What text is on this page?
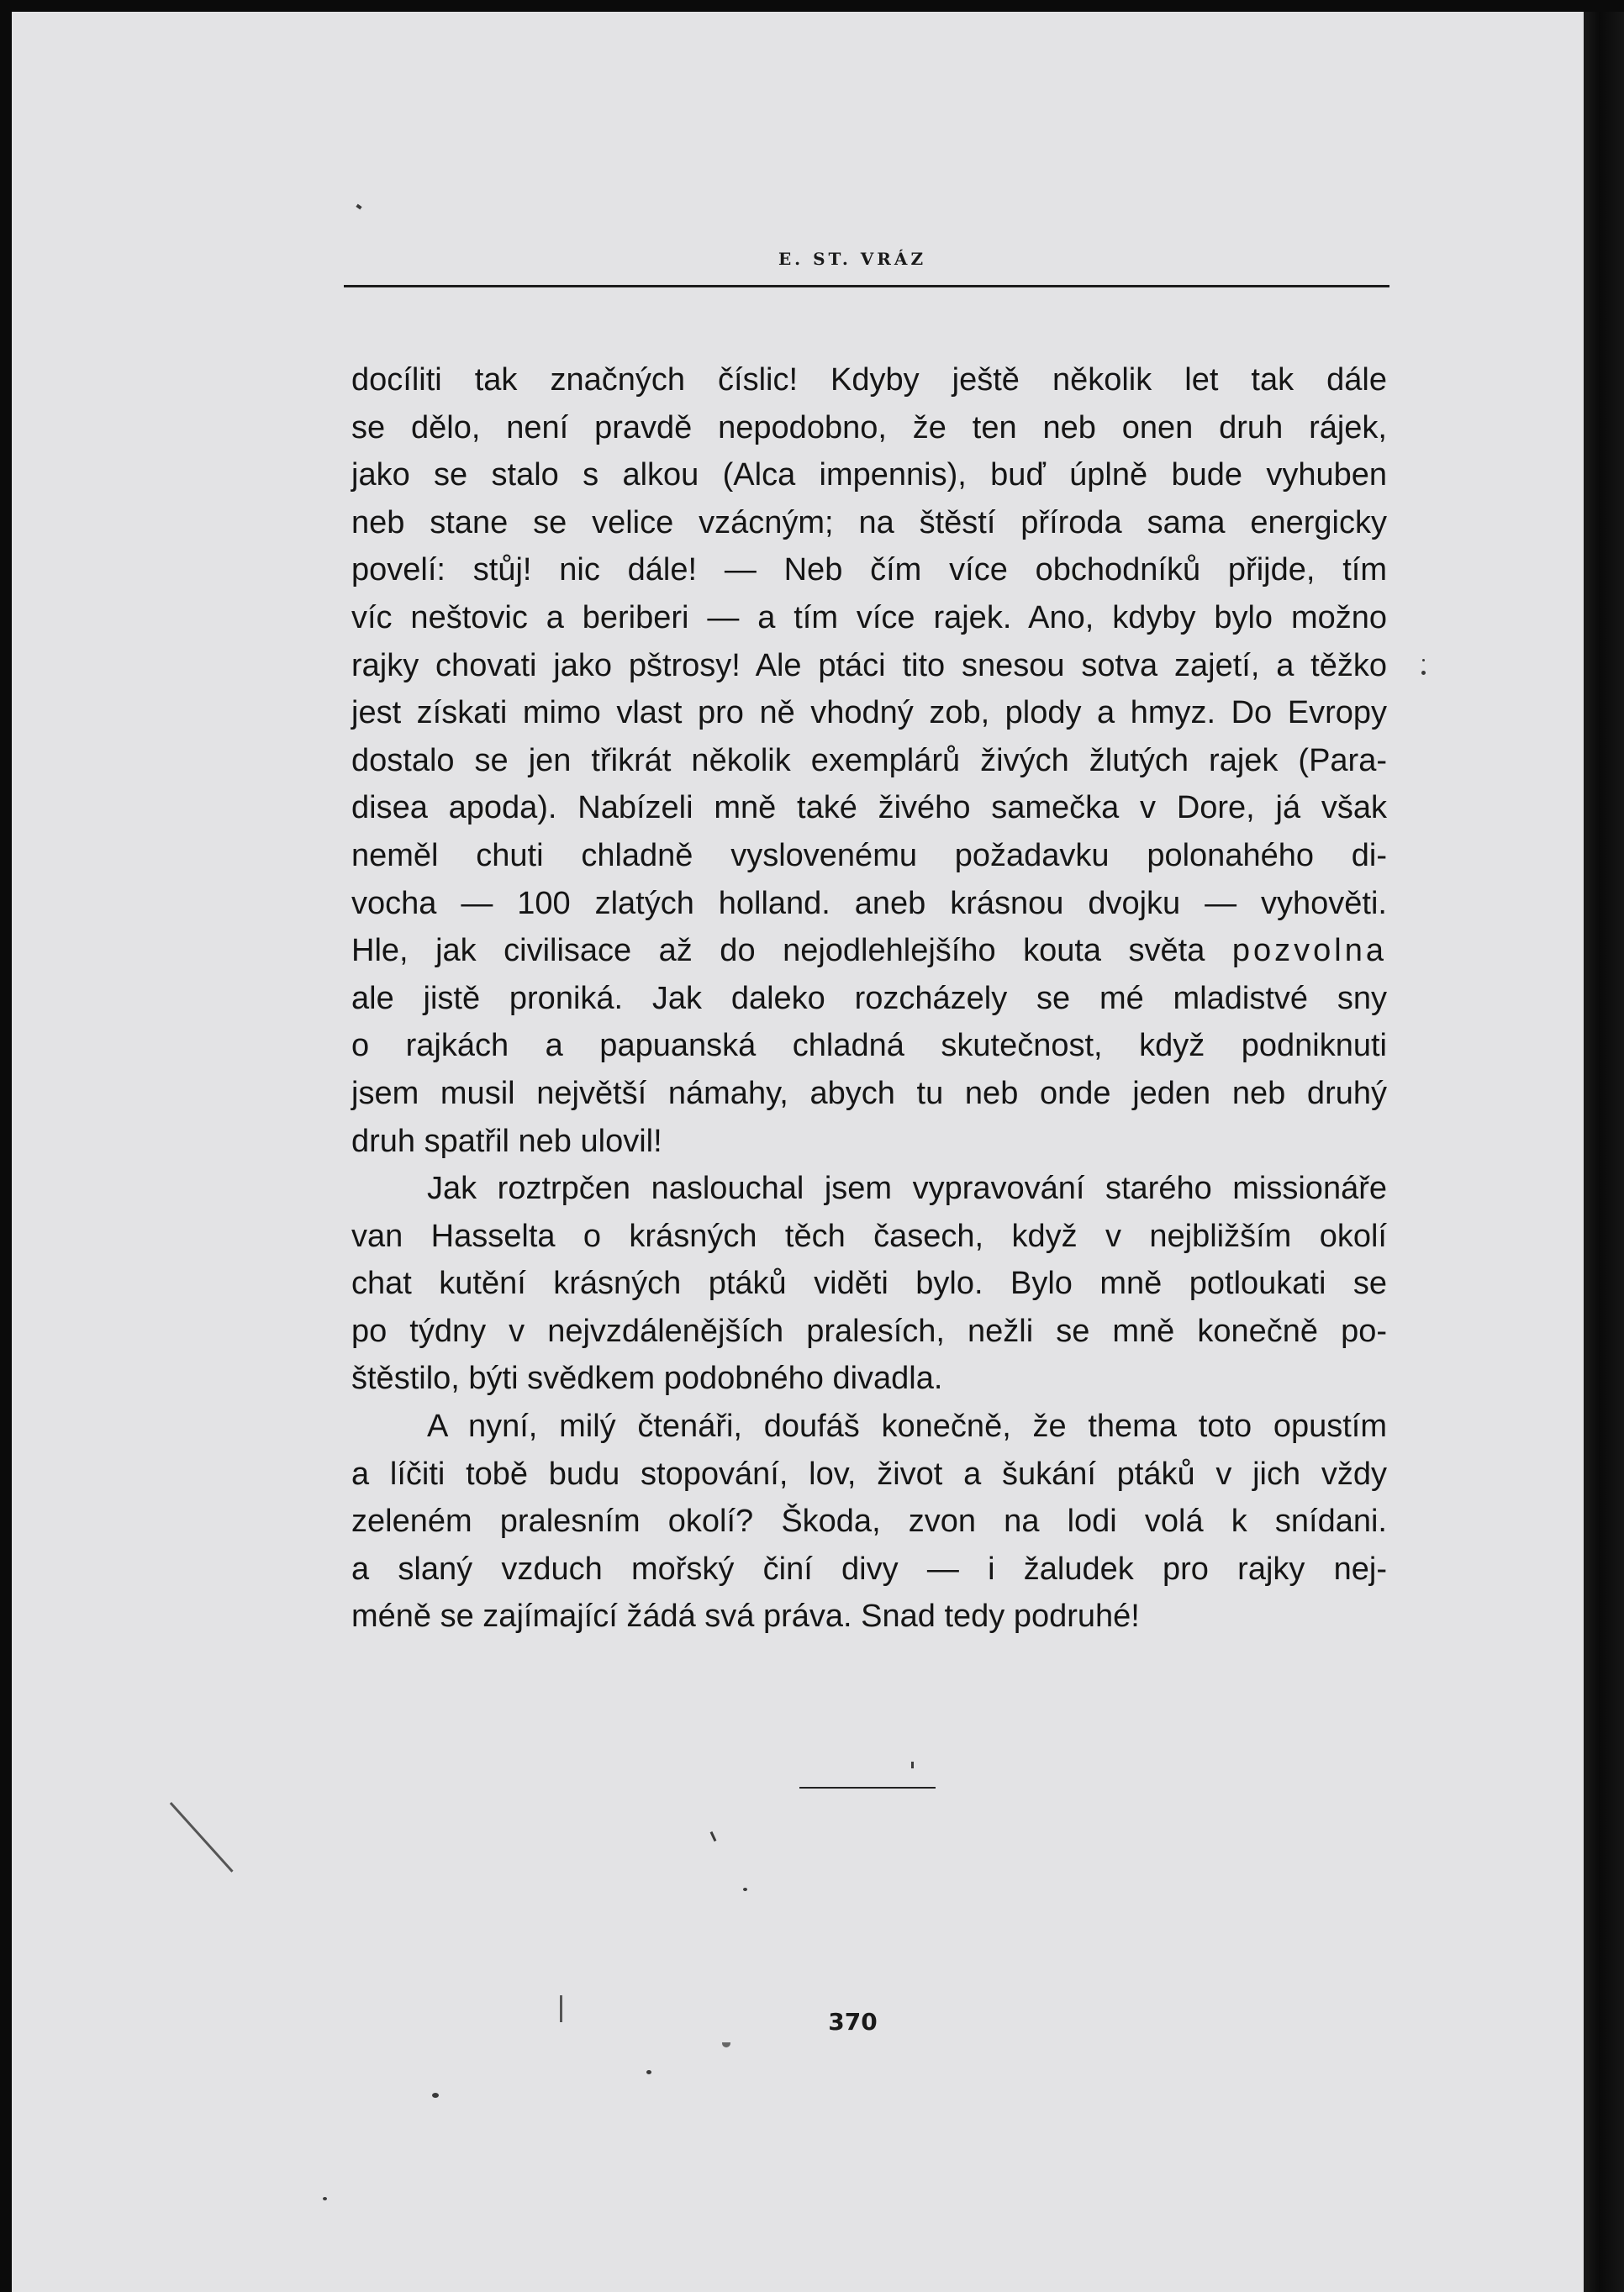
E. ST. VRÁZ
docíliti tak značných číslic! Kdyby ještě několik let tak dále
se dělo, není pravdě nepodobno, že ten neb onen druh rájek,
jako se stalo s alkou (Alca impennis), buď úplně bude vyhuben
neb stane se velice vzácným; na štěstí příroda sama energicky
povelí: stůj! nic dále! — Neb čím více obchodníků přijde, tím
víc neštovic a beriberi — a tím více rajek. Ano, kdyby bylo možno
rajky chovati jako pštrosy! Ale ptáci tito snesou sotva zajetí, a těžko
jest získati mimo vlast pro ně vhodný zob, plody a hmyz. Do Evropy
dostalo se jen třikrát několik exemplárů živých žlutých rajek (Para-
disea apoda). Nabízeli mně také živého samečka v Dore, já však
neměl chuti chladně vyslovenému požadavku polonahého di-
vocha — 100 zlatých holland. aneb krásnou dvojku — vyhověti.
Hle, jak civilisace až do nejodlehlejšího kouta světa pozvolna
ale jistě proniká. Jak daleko rozcházely se mé mladistvé sny
o rajkách a papuanská chladná skutečnost, když podniknuti
jsem musil největší námahy, abych tu neb onde jeden neb druhý
druh spatřil neb ulovil!
Jak roztrpčen naslouchal jsem vypravování starého missionáře
van Hasselta o krásných těch časech, když v nejbližším okolí
chat kutění krásných ptáků viděti bylo. Bylo mně potloukati se
po týdny v nejvzdálenějších pralesích, nežli se mně konečně po-
štěstilo, býti svědkem podobného divadla.
A nyní, milý čtenáři, doufáš konečně, že thema toto opustím
a líčiti tobě budu stopování, lov, život a šukání ptáků v jich vždy
zeleném pralesním okolí? Škoda, zvon na lodi volá k snídani.
a slaný vzduch mořský činí divy — i žaludek pro rajky nej-
méně se zajímající žádá svá práva. Snad tedy podruhé!
370
